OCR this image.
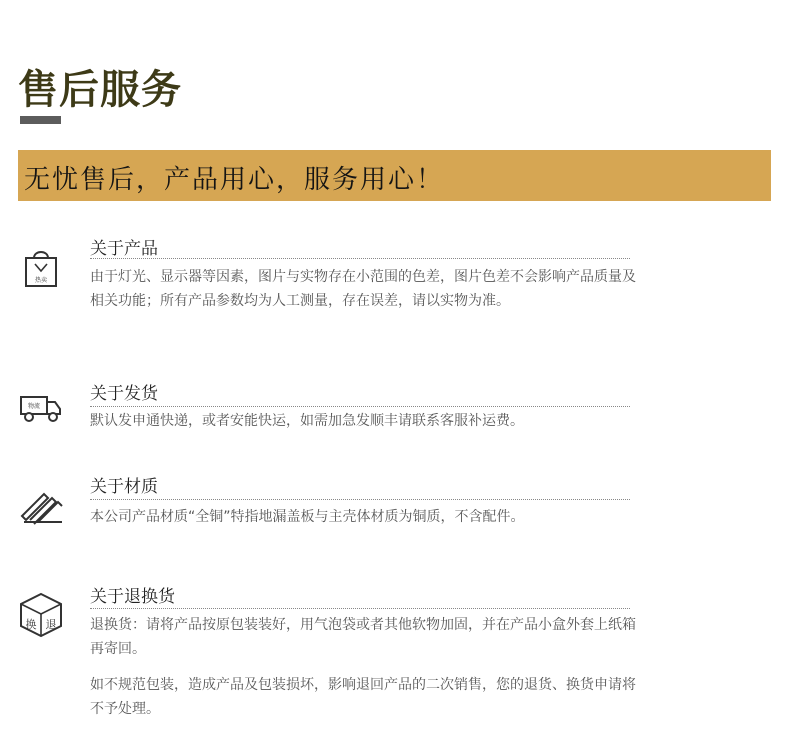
售后服务
无忧售后，产品用心，服务用心！
热卖
关于产品
由于灯光、显示器等因素，图片与实物存在小范围的色差，图片色差不会影响产品质量及相关功能；所有产品参数均为人工测量，存在误差，请以实物为准。
物流
关于发货
默认发申通快递，或者安能快运，如需加急发顺丰请联系客服补运费。
关于材质
本公司产品材质“全铜”特指地漏盖板与主壳体材质为铜质，不含配件。
换 退
关于退换货
退换货：请将产品按原包装装好，用气泡袋或者其他软物加固，并在产品小盒外套上纸箱再寄回。
如不规范包装，造成产品及包装损坏，影响退回产品的二次销售，您的退货、换货申请将不予处理。
